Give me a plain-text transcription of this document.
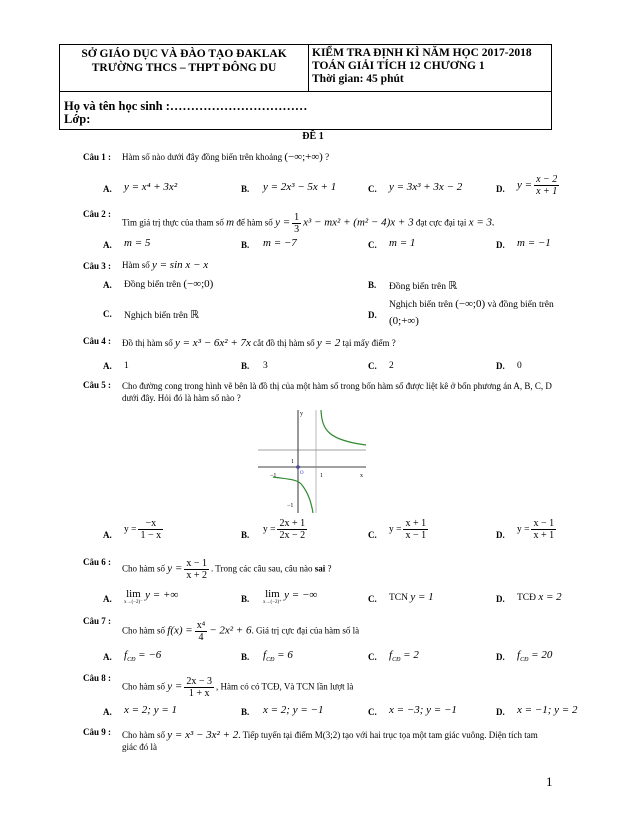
SỞ GIÁO DỤC VÀ ĐÀO TẠO ĐAKLAK
TRƯỜNG THCS – THPT ĐÔNG DU
KIỂM TRA ĐỊNH KÌ NĂM HỌC 2017-2018
TOÁN GIẢI TÍCH 12 CHƯƠNG 1
Thời gian: 45 phút
Họ và tên học sinh :……………………………
Lớp:
ĐỀ 1
Câu 1 : Hàm số nào dưới đây đồng biến trên khoảng (−∞;+∞) ?
A. y = x⁴ + 3x²	B. y = 2x³ − 5x + 1	C. y = 3x³ + 3x − 2	D. $y = \frac{x - 2}{x + 1}$
Câu 2 :
Tìm giá trị thực của tham số m để hàm số $y = \frac{1}{3} x^3 - mx^2 + (m^2 - 4)x + 3$ đạt cực đại tại x = 3.
A. m = 5	B. m = −7	C. m = 1	D. m = −1
Câu 3 : Hàm số y = sin x − x
A. Đồng biến trên (−∞;0)	B. Đồng biến trên ℝ
C. Nghịch biến trên ℝ	D.
Nghịch biến trên (−∞;0) và đồng biến trên
(0;+∞)
Câu 4 : Đồ thị hàm số y = x³ − 6x² + 7x cắt đồ thị hàm số y = 2 tại mấy điểm ?
A. 1	B. 3	C. 2	D. 0
Câu 5 : Cho đường cong trong hình vẽ bên là đồ thị của một hàm số trong bốn hàm số được liệt kê ở bốn phương án A, B, C, D
dưới đây. Hỏi đó là hàm số nào ?
y
x
1
−1
1
−1	O
A.
$y = \frac{-x}{1 - x}$	B.
$y = \frac{2x + 1}{2x - 2}$	C.
$y = \frac{x + 1}{x - 1}$	D.
$y = \frac{x - 1}{x + 1}$
Câu 6 :
Cho hàm số $y = \frac{x - 1}{x + 2}$ . Trong các câu sau, câu nào sai ?
A. lim
x→(−2)⁻
y = +∞	B. lim
x→(−2)⁺
y = −∞	C. TCN y = 1	D. TCĐ x = 2
Câu 7 :
Cho hàm số $f(x) = \frac{\text{x⁴}}{4} - 2x^2 + 6$. Giá trị cực đại của hàm số là
A. $f_{CĐ} = -6$	B. $f_{CĐ} = 6$	C. $f_{CĐ} = 2$	D. $f_{CĐ} = 20$
Câu 8 :
Cho hàm số $y = \frac{2x - 3}{1 + x}$ , Hàm có có TCĐ, Và TCN lần lượt là
A. x = 2; y = 1	B. x = 2; y = −1	C. x = −3; y = −1	D. x = −1; y = 2
Câu 9 : Cho hàm số y = x³ − 3x² + 2. Tiếp tuyến tại điểm M(3;2) tạo với hai trục tọa một tam giác vuông. Diện tích tam
giác đó là
1
